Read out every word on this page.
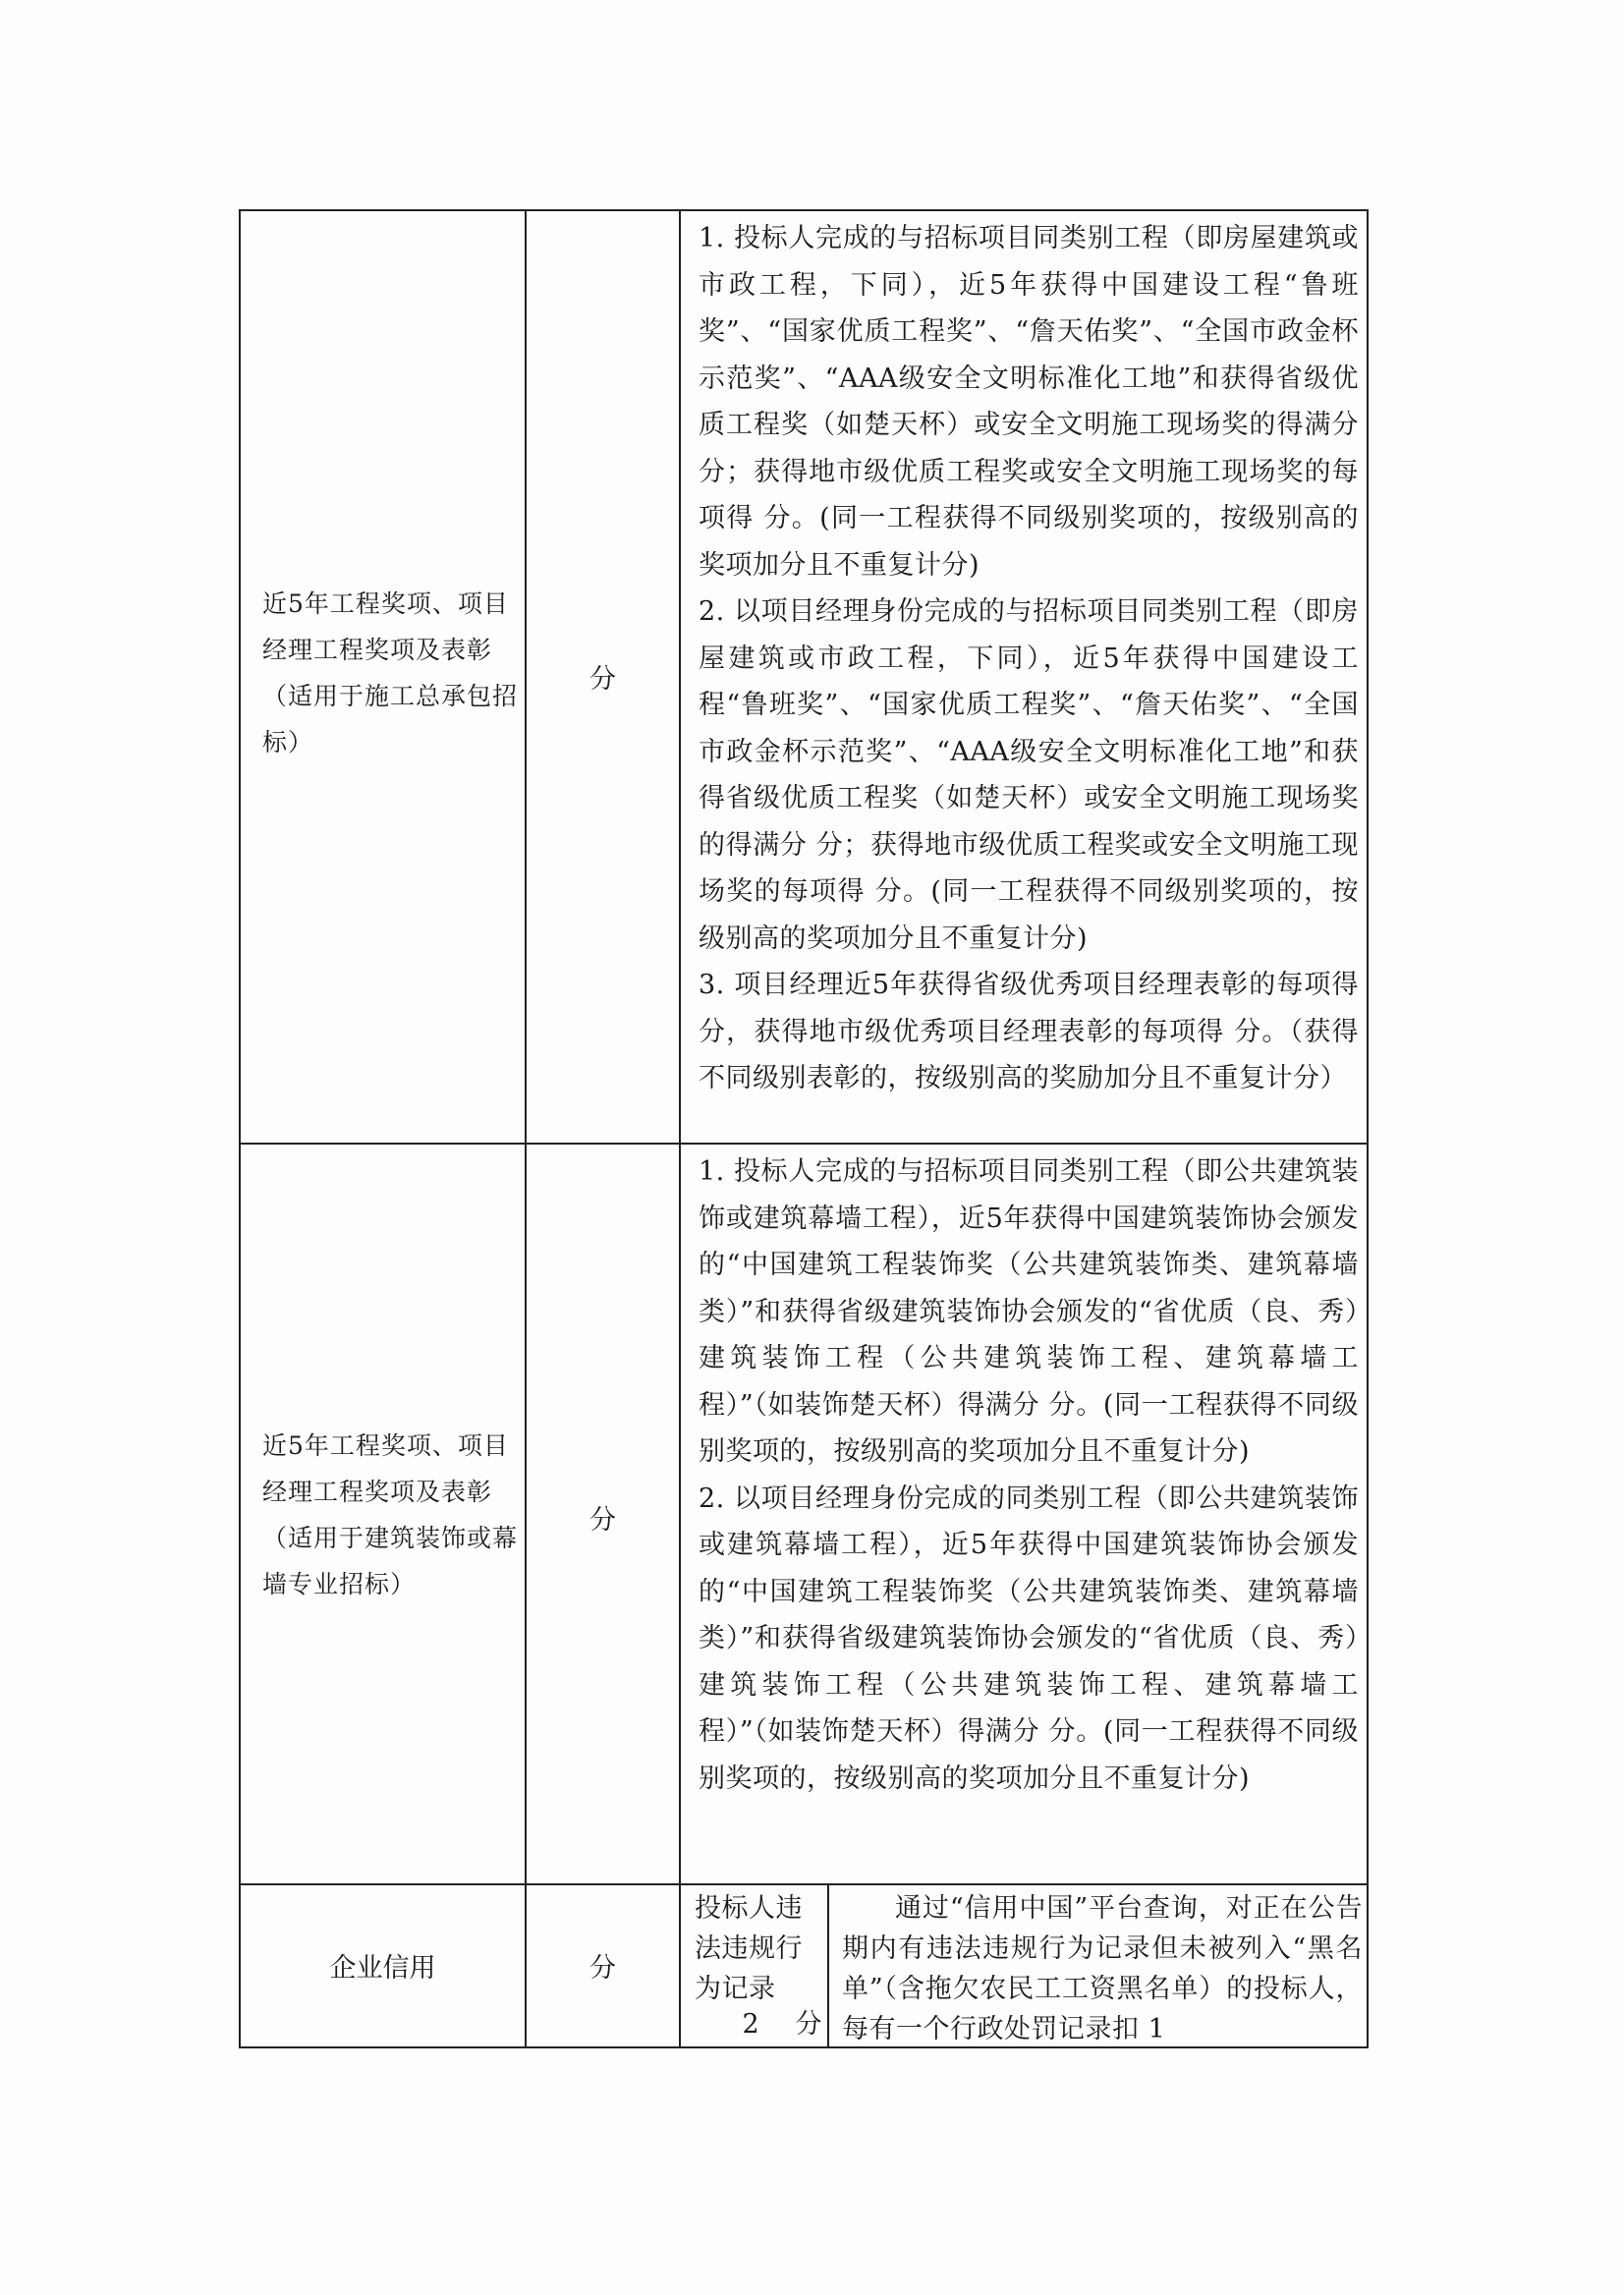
近5年工程奖项、项目经理工程奖项及表彰（适用于施工总承包招标）
分

1. 投标人完成的与招标项目同类别工程（即房屋建筑或市政工程，下同），近5年获得中国建设工程“鲁班奖”、“国家优质工程奖”、“詹天佑奖”、“全国市政金杯示范奖”、“AAA级安全文明标准化工地”和获得省级优质工程奖（如楚天杯）或安全文明施工现场奖的得满分 分；获得地市级优质工程奖或安全文明施工现场奖的每项得 分。(同一工程获得不同级别奖项的，按级别高的奖项加分且不重复计分)

2. 以项目经理身份完成的与招标项目同类别工程（即房屋建筑或市政工程，下同），近5年获得中国建设工程“鲁班奖”、“国家优质工程奖”、“詹天佑奖”、“全国市政金杯示范奖”、“AAA级安全文明标准化工地”和获得省级优质工程奖（如楚天杯）或安全文明施工现场奖的得满分 分；获得地市级优质工程奖或安全文明施工现场奖的每项得 分。(同一工程获得不同级别奖项的，按级别高的奖项加分且不重复计分)

3. 项目经理近5年获得省级优秀项目经理表彰的每项得 分，获得地市级优秀项目经理表彰的每项得 分。（获得不同级别表彰的，按级别高的奖励加分且不重复计分）

近5年工程奖项、项目经理工程奖项及表彰（适用于建筑装饰或幕墙专业招标）
分

1. 投标人完成的与招标项目同类别工程（即公共建筑装饰或建筑幕墙工程），近5年获得中国建筑装饰协会颁发的“中国建筑工程装饰奖（公共建筑装饰类、建筑幕墙类）”和获得省级建筑装饰协会颁发的“省优质（良、秀）建筑装饰工程（公共建筑装饰工程、建筑幕墙工程）”（如装饰楚天杯）得满分 分。(同一工程获得不同级别奖项的，按级别高的奖项加分且不重复计分)

2. 以项目经理身份完成的同类别工程（即公共建筑装饰或建筑幕墙工程），近5年获得中国建筑装饰协会颁发的“中国建筑工程装饰奖（公共建筑装饰类、建筑幕墙类）”和获得省级建筑装饰协会颁发的“省优质（良、秀）建筑装饰工程（公共建筑装饰工程、建筑幕墙工程）”（如装饰楚天杯）得满分 分。(同一工程获得不同级别奖项的，按级别高的奖项加分且不重复计分)

企业信用	分
投标人违法违规行为记录
2    分
通过“信用中国”平台查询，对正在公告期内有违法违规行为记录但未被列入“黑名单”（含拖欠农民工工资黑名单）的投标人，每有一个行政处罚记录扣 1
